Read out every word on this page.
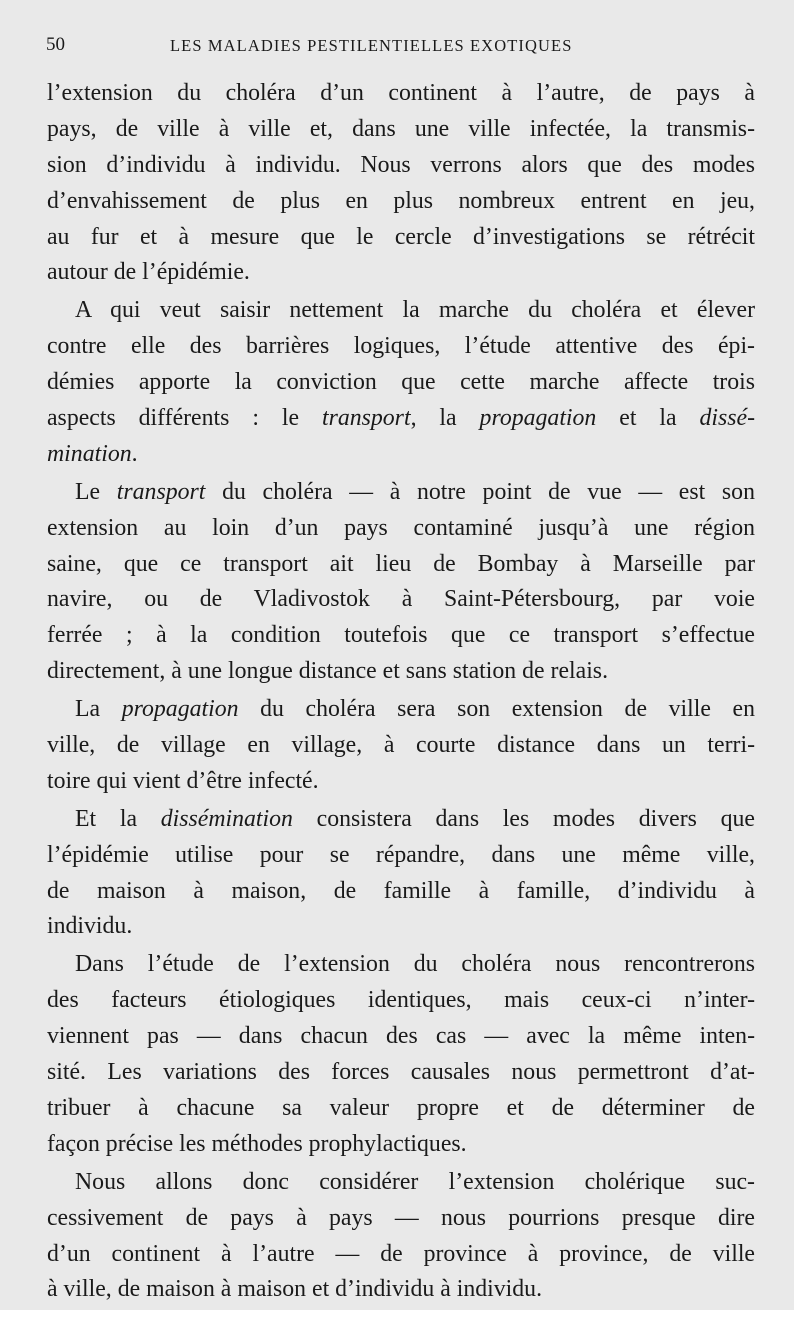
50	LES MALADIES PESTILENTIELLES EXOTIQUES
l’extension du choléra d’un continent à l’autre, de pays à
pays, de ville à ville et, dans une ville infectée, la transmis-
sion d’individu à individu. Nous verrons alors que des modes
d’envahissement de plus en plus nombreux entrent en jeu,
au fur et à mesure que le cercle d’investigations se rétrécit
autour de l’épidémie.
A qui veut saisir nettement la marche du choléra et élever
contre elle des barrières logiques, l’étude attentive des épi-
démies apporte la conviction que cette marche affecte trois
aspects différents : le transport, la propagation et la dissé-
mination.
Le transport du choléra — à notre point de vue — est son
extension au loin d’un pays contaminé jusqu’à une région
saine, que ce transport ait lieu de Bombay à Marseille par
navire, ou de Vladivostok à Saint-Pétersbourg, par voie
ferrée ; à la condition toutefois que ce transport s’effectue
directement, à une longue distance et sans station de relais.
La propagation du choléra sera son extension de ville en
ville, de village en village, à courte distance dans un terri-
toire qui vient d’être infecté.
Et la dissémination consistera dans les modes divers que
l’épidémie utilise pour se répandre, dans une même ville,
de maison à maison, de famille à famille, d’individu à
individu.
Dans l’étude de l’extension du choléra nous rencontrerons
des facteurs étiologiques identiques, mais ceux-ci n’inter-
viennent pas — dans chacun des cas — avec la même inten-
sité. Les variations des forces causales nous permettront d’at-
tribuer à chacune sa valeur propre et de déterminer de
façon précise les méthodes prophylactiques.
Nous allons donc considérer l’extension cholérique suc-
cessivement de pays à pays — nous pourrions presque dire
d’un continent à l’autre — de province à province, de ville
à ville, de maison à maison et d’individu à individu.
